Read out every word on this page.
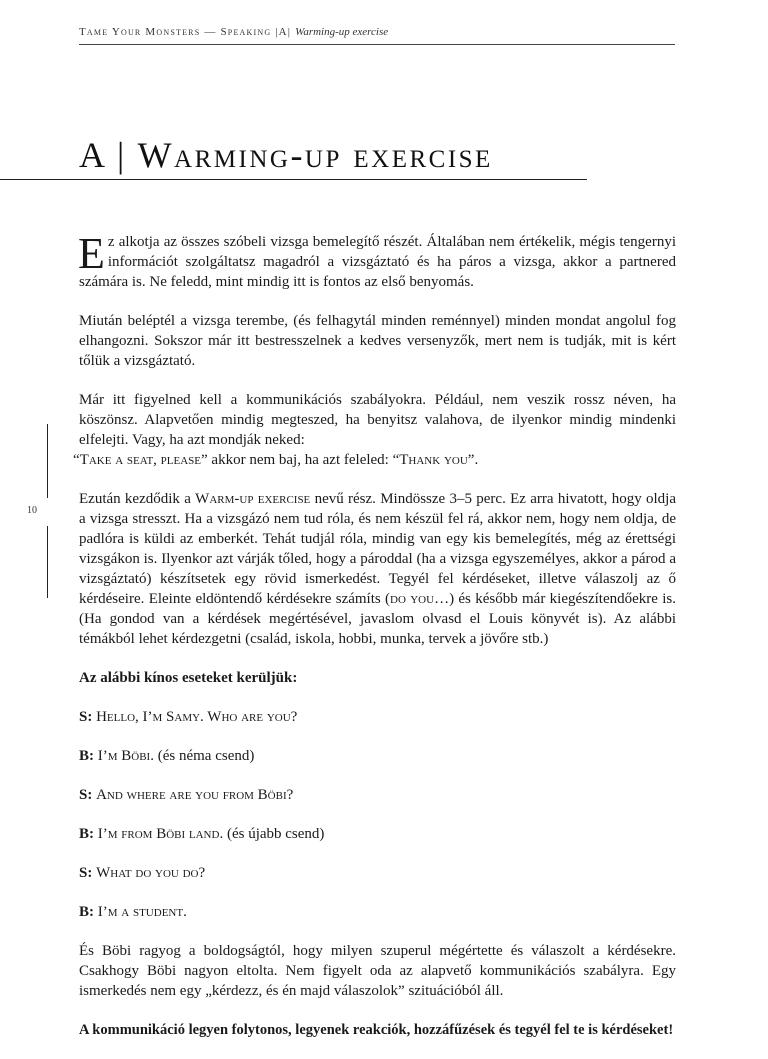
Tame Your Monsters — Speaking |A| Warming-up exercise
A | Warming-up exercise
10

Ez alkotja az összes szóbeli vizsga bemelegítő részét. Általában nem értékelik, mégis tengernyi információt szolgáltatsz magadról a vizsgáztató és ha páros a vizsga, akkor a partnered számára is. Ne feledd, mint mindig itt is fontos az első benyomás.

Miután beléptél a vizsga terembe, (és felhagytál minden reménnyel) minden mondat angolul fog elhangozni. Sokszor már itt bestresszelnek a kedves versenyzők, mert nem is tudják, mit is kért tőlük a vizsgáztató.

Már itt figyelned kell a kommunikációs szabályokra. Például, nem veszik rossz néven, ha köszönsz. Alapvetően mindig megteszed, ha benyitsz valahova, de ilyenkor mindig mindenki elfelejti. Vagy, ha azt mondják neked:
“Take a seat, please” akkor nem baj, ha azt feleled: “Thank you”.

Ezután kezdődik a Warm-up exercise nevű rész. Mindössze 3–5 perc. Ez arra hivatott, hogy oldja a vizsga stresszt. Ha a vizsgázó nem tud róla, és nem készül fel rá, akkor nem, hogy nem oldja, de padlóra is küldi az emberkét. Tehát tudjál róla, mindig van egy kis bemelegítés, még az érettségi vizsgákon is. Ilyenkor azt várják tőled, hogy a pároddal (ha a vizsga egyszemélyes, akkor a párod a vizsgáztató) készítsetek egy rövid ismerkedést. Tegyél fel kérdéseket, illetve válaszolj az ő kérdéseire. Eleinte eldöntendő kérdésekre számíts (do you…) és később már kiegészítendőekre is. (Ha gondod van a kérdések megértésével, javaslom olvasd el Louis könyvét is). Az alábbi témákból lehet kérdezgetni (család, iskola, hobbi, munka, tervek a jövőre stb.)

Az alábbi kínos eseteket kerüljük:

S: Hello, I’m Samy. Who are you?

B: I’m Böbi. (és néma csend)

S: And where are you from Böbi?

B: I’m from Böbi land. (és újabb csend)

S: What do you do?

B: I’m a student.

És Böbi ragyog a boldogságtól, hogy milyen szuperul mégértette és válaszolt a kérdésekre. Csakhogy Böbi nagyon eltolta. Nem figyelt oda az alapvető kommunikációs szabályra. Egy ismerkedés nem egy „kérdezz, és én majd válaszolok” szituációból áll.

A kommunikáció legyen folytonos, legyenek reakciók, hozzáfűzések és tegyél fel te is kérdéseket!
